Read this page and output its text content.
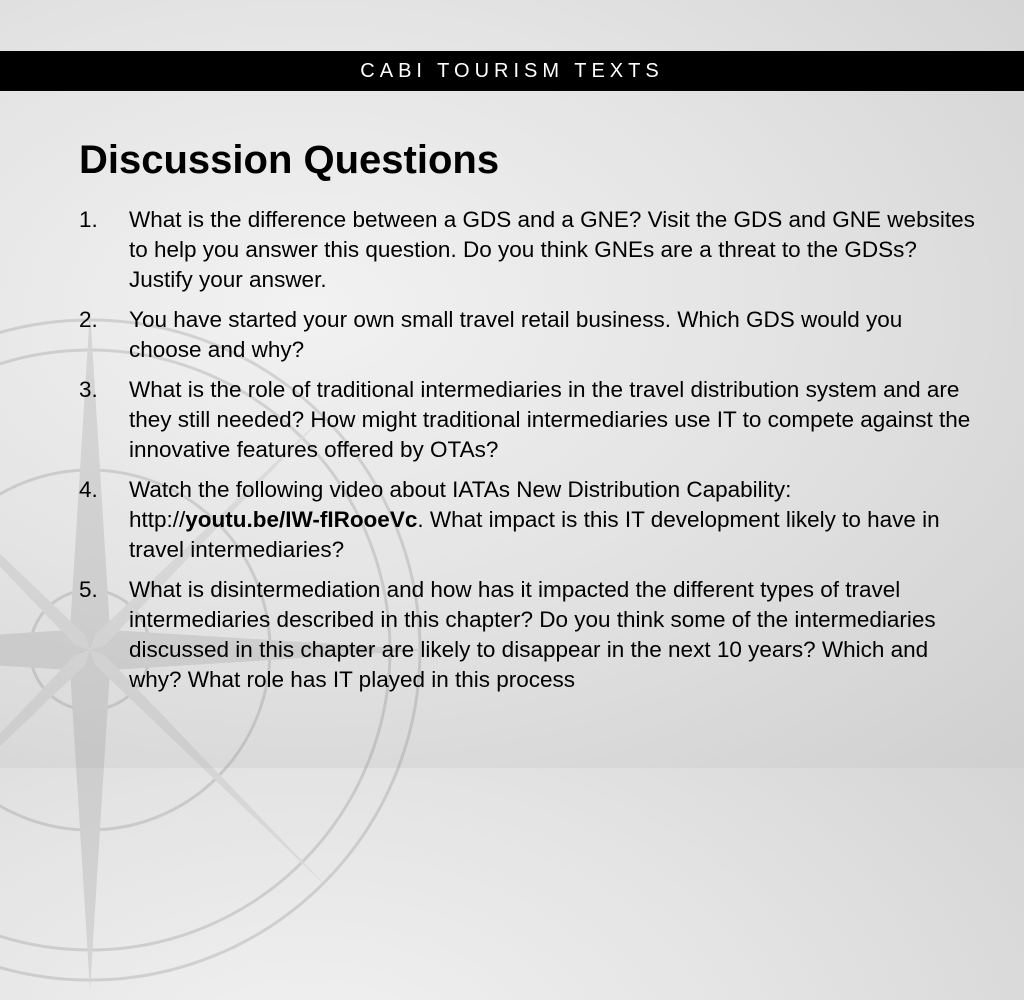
CABI TOURISM TEXTS
Discussion Questions
1.	What is the difference between a GDS and a GNE? Visit the GDS and GNE websites to help you answer this question. Do you think GNEs are a threat to the GDSs? Justify your answer.
2.	You have started your own small travel retail business. Which GDS would you choose and why?
3.	What is the role of traditional intermediaries in the travel distribution system and are they still needed? How might traditional intermediaries use IT to compete against the innovative features offered by OTAs?
4.	Watch the following video about IATAs New Distribution Capability: http://youtu.be/IW-fIRooeVc. What impact is this IT development likely to have in travel intermediaries?
5.	What is disintermediation and how has it impacted the different types of travel intermediaries described in this chapter? Do you think some of the intermediaries discussed in this chapter are likely to disappear in the next 10 years? Which and why? What role has IT played in this process
